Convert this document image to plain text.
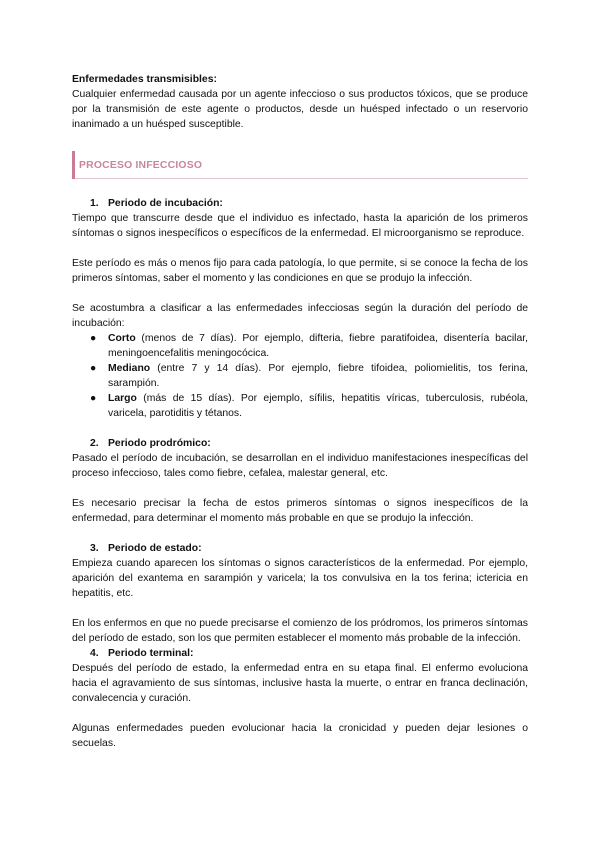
Enfermedades transmisibles:

Cualquier enfermedad causada por un agente infeccioso o sus productos tóxicos, que se produce por la transmisión de este agente o productos, desde un huésped infectado o un reservorio inanimado a un huésped susceptible.

PROCESO INFECCIOSO

1. Periodo de incubación:

Tiempo que transcurre desde que el individuo es infectado, hasta la aparición de los primeros síntomas o signos inespecíficos o específicos de la enfermedad. El microorganismo se reproduce.

Este período es más o menos fijo para cada patología, lo que permite, si se conoce la fecha de los primeros síntomas, saber el momento y las condiciones en que se produjo la infección.

Se acostumbra a clasificar a las enfermedades infecciosas según la duración del período de incubación:

● Corto (menos de 7 días). Por ejemplo, difteria, fiebre paratifoidea, disentería bacilar, meningoencefalitis meningocócica.
● Mediano (entre 7 y 14 días). Por ejemplo, fiebre tifoidea, poliomielitis, tos ferina, sarampión.
● Largo (más de 15 días). Por ejemplo, sífilis, hepatitis víricas, tuberculosis, rubéola, varicela, parotiditis y tétanos.

2. Periodo prodrómico:

Pasado el período de incubación, se desarrollan en el individuo manifestaciones inespecíficas del proceso infeccioso, tales como fiebre, cefalea, malestar general, etc.

Es necesario precisar la fecha de estos primeros síntomas o signos inespecíficos de la enfermedad, para determinar el momento más probable en que se produjo la infección.

3. Periodo de estado:

Empieza cuando aparecen los síntomas o signos característicos de la enfermedad. Por ejemplo, aparición del exantema en sarampión y varicela; la tos convulsiva en la tos ferina; ictericia en hepatitis, etc.

En los enfermos en que no puede precisarse el comienzo de los pródromos, los primeros síntomas del período de estado, son los que permiten establecer el momento más probable de la infección.

4. Periodo terminal:

Después del período de estado, la enfermedad entra en su etapa final. El enfermo evoluciona hacia el agravamiento de sus síntomas, inclusive hasta la muerte, o entrar en franca declinación, convalecencia y curación.

Algunas enfermedades pueden evolucionar hacia la cronicidad y pueden dejar lesiones o secuelas.
